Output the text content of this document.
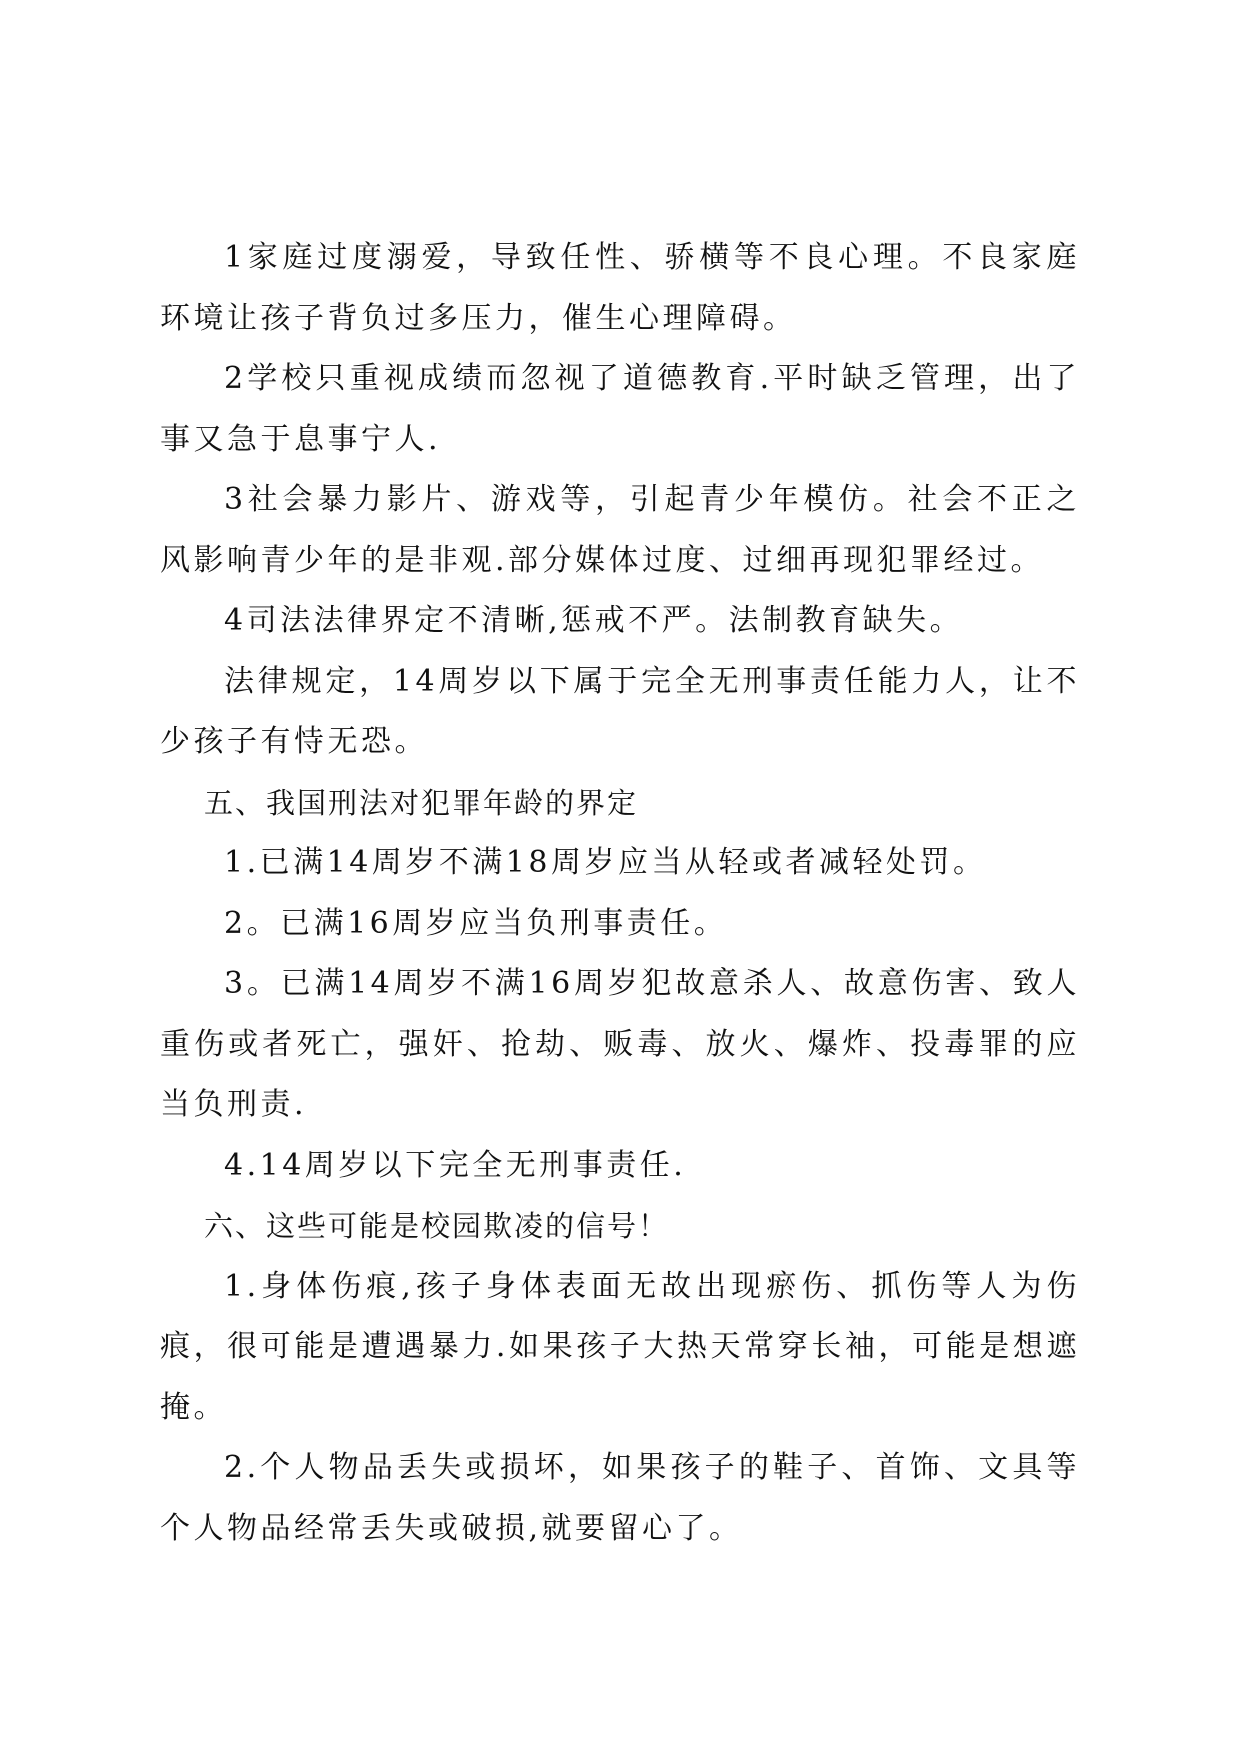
1家庭过度溺爱，导致任性、骄横等不良心理。不良家庭环境让孩子背负过多压力，催生心理障碍。

2学校只重视成绩而忽视了道德教育.平时缺乏管理，出了事又急于息事宁人.

3社会暴力影片、游戏等，引起青少年模仿。社会不正之风影响青少年的是非观.部分媒体过度、过细再现犯罪经过。

4司法法律界定不清晰,惩戒不严。法制教育缺失。

法律规定，14周岁以下属于完全无刑事责任能力人，让不少孩子有恃无恐。

五、我国刑法对犯罪年龄的界定

1.已满14周岁不满18周岁应当从轻或者减轻处罚。

2。已满16周岁应当负刑事责任。

3。已满14周岁不满16周岁犯故意杀人、故意伤害、致人重伤或者死亡，强奸、抢劫、贩毒、放火、爆炸、投毒罪的应当负刑责.

4.14周岁以下完全无刑事责任.

六、这些可能是校园欺凌的信号！

1.身体伤痕,孩子身体表面无故出现瘀伤、抓伤等人为伤痕，很可能是遭遇暴力.如果孩子大热天常穿长袖，可能是想遮掩。

2.个人物品丢失或损坏，如果孩子的鞋子、首饰、文具等个人物品经常丢失或破损,就要留心了。
